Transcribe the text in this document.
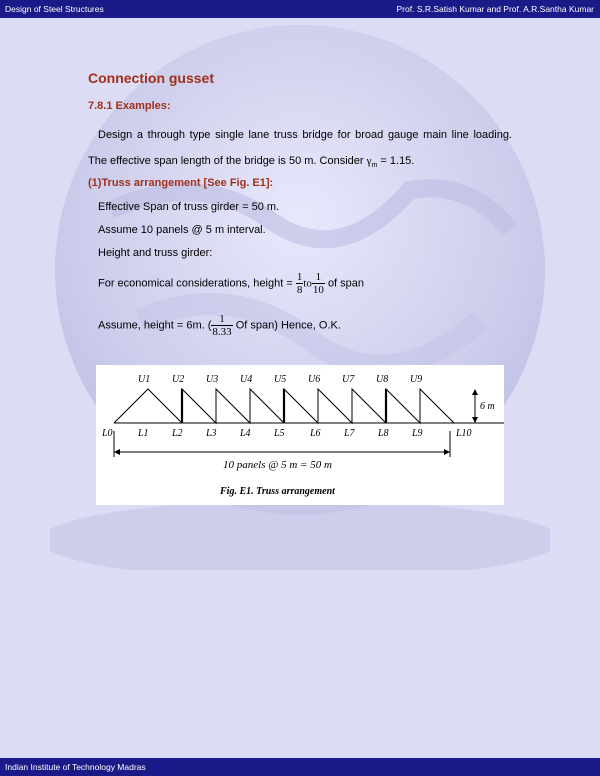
Design of Steel Structures	Prof. S.R.Satish Kumar and Prof. A.R.Santha Kumar
Connection gusset
7.8.1 Examples:
Design a through type single lane truss bridge for broad gauge main line loading. The effective span length of the bridge is 50 m. Consider $\gamma_m = 1.15$.
(1)Truss arrangement [See Fig. E1]:
Effective Span of truss girder = 50 m.
Assume 10 panels @ 5 m interval.
Height and truss girder:
For economical considerations, height = $\frac{1}{8}$ to $\frac{1}{10}$ of span
Assume, height = 6m. ( $\frac{1}{8.33}$ Of span) Hence, O.K.
U1 U2 U3 U4 U5 U6 U7 U8 U9
L0	L1 L2 L3 L4 L5	L6 L7 L8 L9	L10
6 m
10 panels @ 5 m = 50 m
Fig. E1. Truss arrangement
Indian Institute of Technology Madras
